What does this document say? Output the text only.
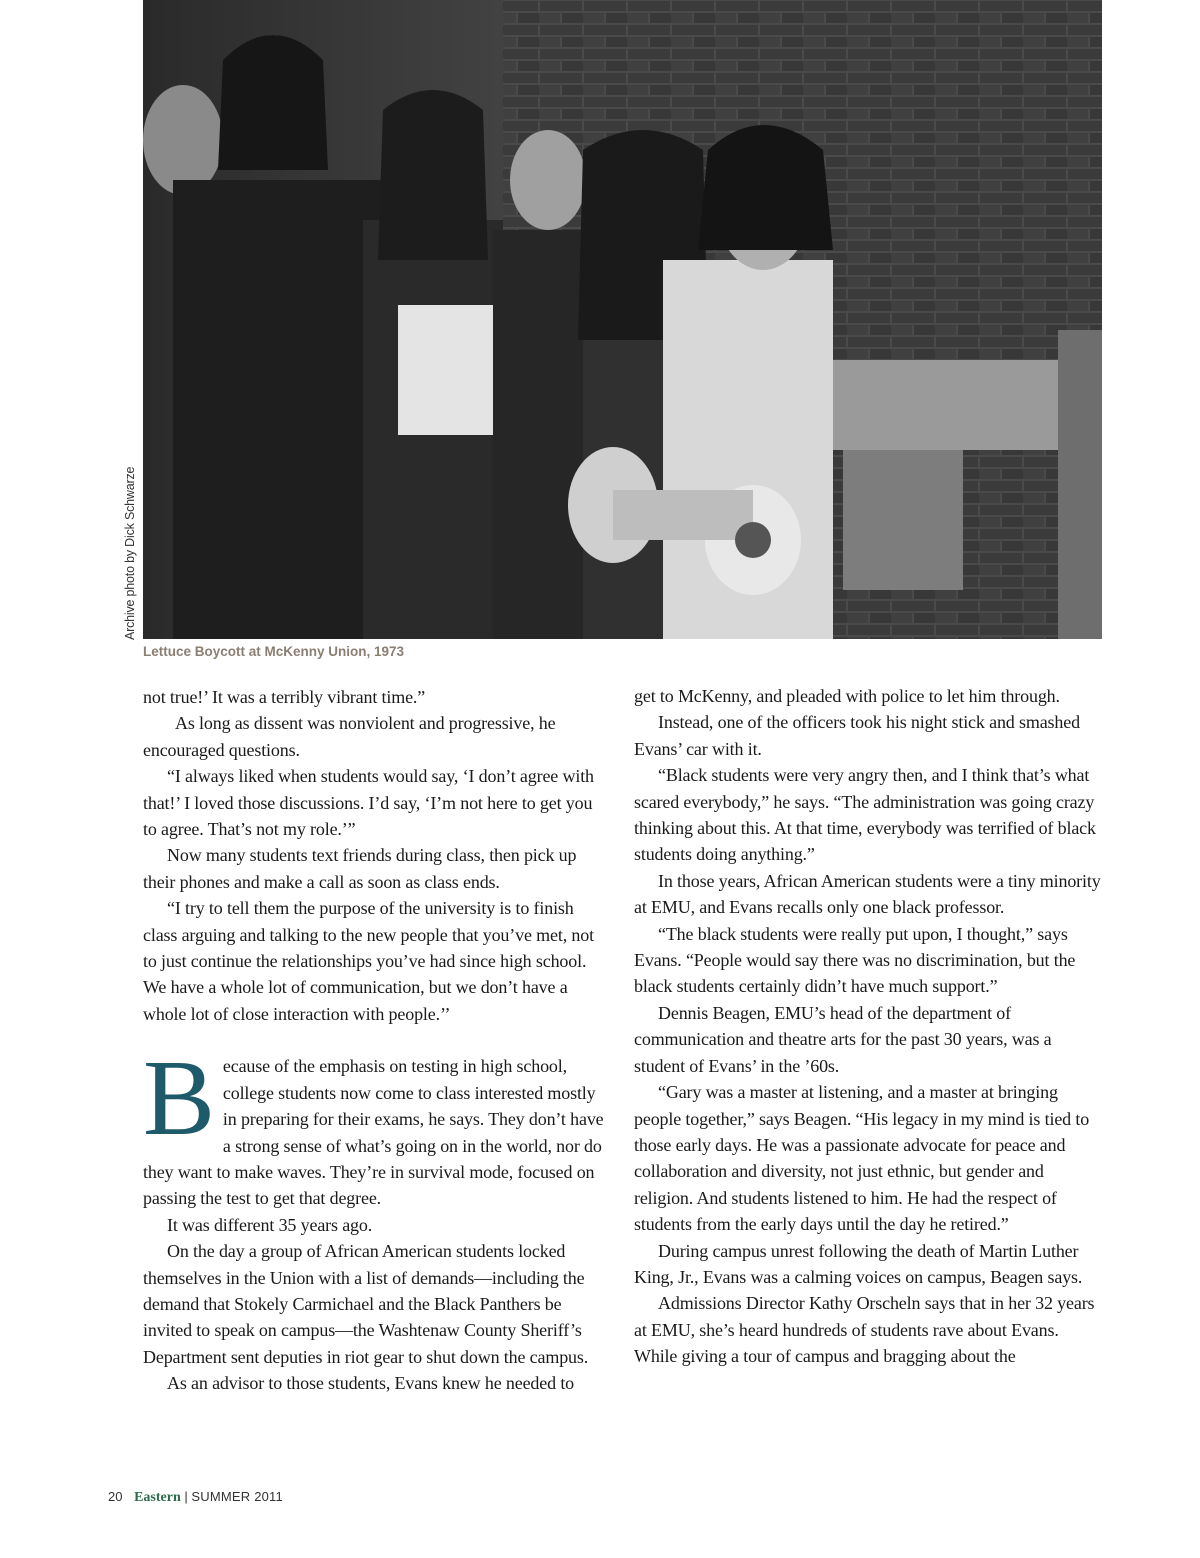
Archive photo by Dick Schwarze
Lettuce Boycott at McKenny Union, 1973

not true!’ It was a terribly vibrant time.”

As long as dissent was nonviolent and progressive, he encouraged questions.

“I always liked when students would say, ‘I don’t agree with that!’ I loved those discussions. I’d say, ‘I’m not here to get you to agree. That’s not my role.’”

Now many students text friends during class, then pick up their phones and make a call as soon as class ends.

“I try to tell them the purpose of the university is to finish class arguing and talking to the new people that you’ve met, not to just continue the relationships you’ve had since high school. We have a whole lot of communication, but we don’t have a whole lot of close interaction with people.’’

Because of the emphasis on testing in high school, college students now come to class interested mostly in preparing for their exams, he says. They don’t have a strong sense of what’s going on in the world, nor do they want to make waves. They’re in survival mode, focused on passing the test to get that degree.

It was different 35 years ago.

On the day a group of African American students locked themselves in the Union with a list of demands—including the demand that Stokely Carmichael and the Black Panthers be invited to speak on campus—the Washtenaw County Sheriff’s Department sent deputies in riot gear to shut down the campus.

As an advisor to those students, Evans knew he needed to

get to McKenny, and pleaded with police to let him through.

Instead, one of the officers took his night stick and smashed Evans’ car with it.

“Black students were very angry then, and I think that’s what scared everybody,” he says. “The administration was going crazy thinking about this. At that time, everybody was terrified of black students doing anything.”

In those years, African American students were a tiny minority at EMU, and Evans recalls only one black professor.

“The black students were really put upon, I thought,” says Evans. “People would say there was no discrimination, but the black students certainly didn’t have much support.”

Dennis Beagen, EMU’s head of the department of communication and theatre arts for the past 30 years, was a student of Evans’ in the ’60s.

“Gary was a master at listening, and a master at bringing people together,” says Beagen. “His legacy in my mind is tied to those early days. He was a passionate advocate for peace and collaboration and diversity, not just ethnic, but gender and religion. And students listened to him. He had the respect of students from the early days until the day he retired.”

During campus unrest following the death of Martin Luther King, Jr., Evans was a calming voices on campus, Beagen says.

Admissions Director Kathy Orscheln says that in her 32 years at EMU, she’s heard hundreds of students rave about Evans. While giving a tour of campus and bragging about the

20 Eastern | SUMMER 2011
